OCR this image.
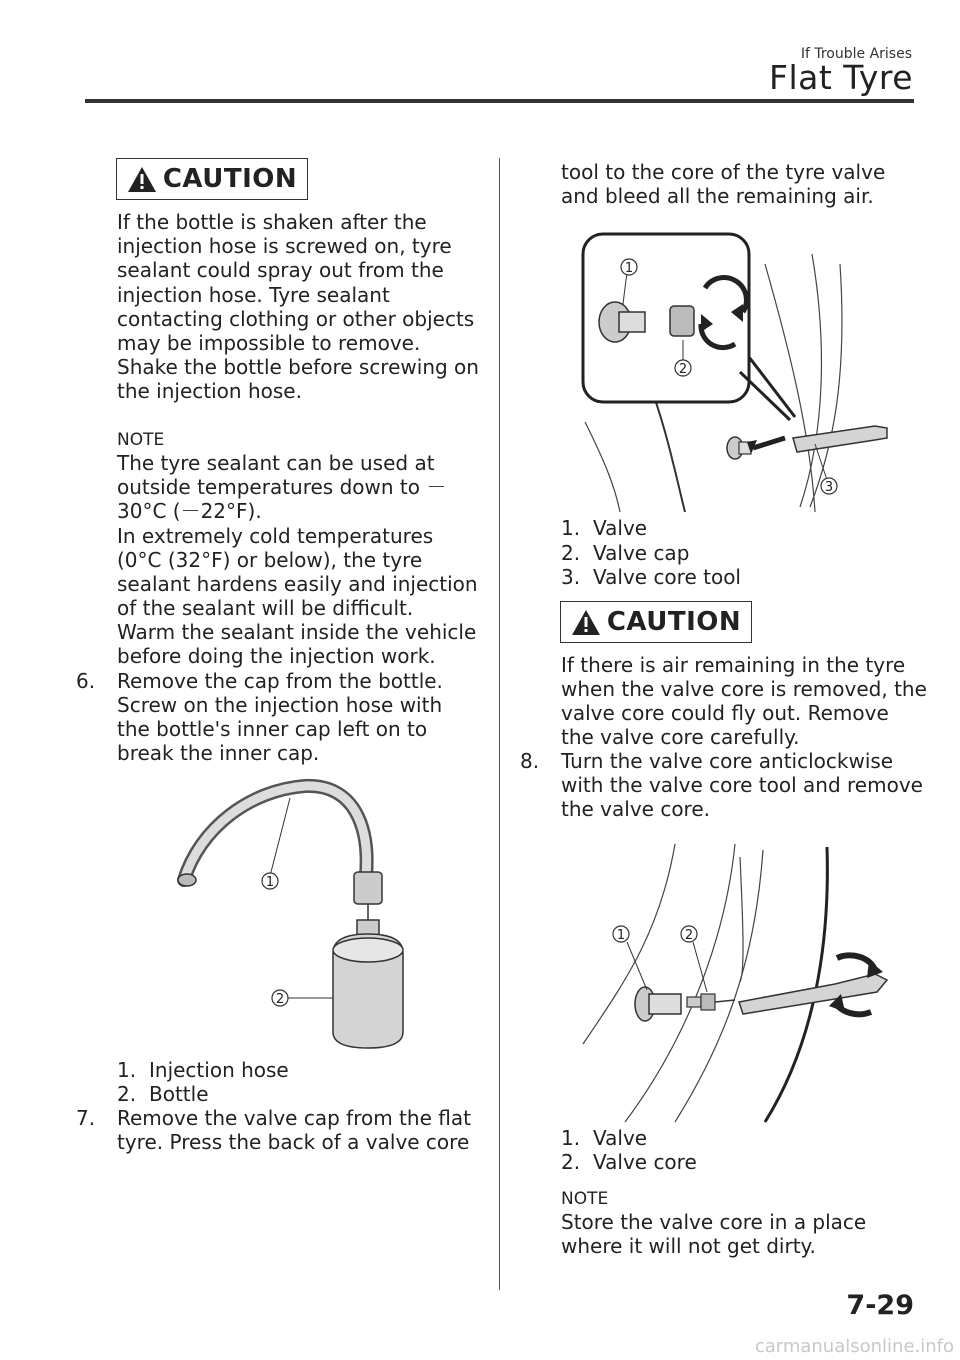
If Trouble Arises
Flat Tyre
CAUTION
If the bottle is shaken after the
injection hose is screwed on, tyre
sealant could spray out from the
injection hose. Tyre sealant
contacting clothing or other objects
may be impossible to remove.
Shake the bottle before screwing on
the injection hose.
NOTE
The tyre sealant can be used at
outside temperatures down to －
30°C (－22°F).
In extremely cold temperatures
(0°C (32°F) or below), the tyre
sealant hardens easily and injection
of the sealant will be difficult.
Warm the sealant inside the vehicle
before doing the injection work.
6. Remove the cap from the bottle.
Screw on the injection hose with
the bottle's inner cap left on to
break the inner cap.
1
2
1. Injection hose
2. Bottle
7. Remove the valve cap from the flat
tyre. Press the back of a valve core
tool to the core of the tyre valve
and bleed all the remaining air.
1
2
3
1. Valve
2. Valve cap
3. Valve core tool
CAUTION
If there is air remaining in the tyre
when the valve core is removed, the
valve core could fly out. Remove
the valve core carefully.
8. Turn the valve core anticlockwise
with the valve core tool and remove
the valve core.
1	2
1. Valve
2. Valve core
NOTE
Store the valve core in a place
where it will not get dirty.
7-29
carmanualsonline.info
